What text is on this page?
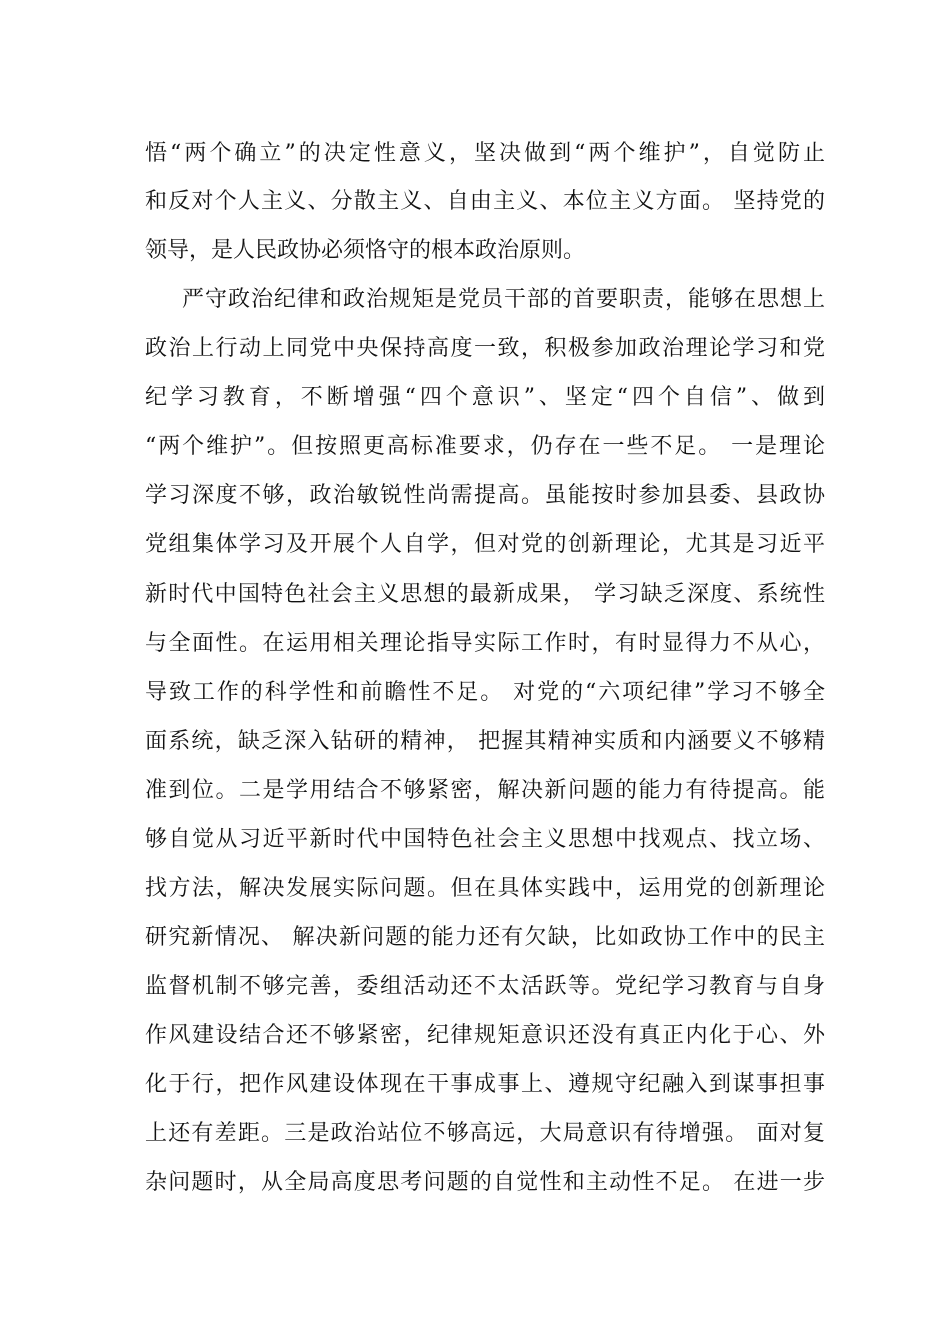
悟“两个确立”的决定性意义，坚决做到“两个维护”，自觉防止
和反对个人主义、分散主义、自由主义、本位主义方面。 坚持党的
领导，是人民政协必须恪守的根本政治原则。
严守政治纪律和政治规矩是党员干部的首要职责，能够在思想上
政治上行动上同党中央保持高度一致，积极参加政治理论学习和党
纪学习教育，不断增强“四个意识”、坚定“四个自信”、做到
“两个维护”。但按照更高标准要求，仍存在一些不足。 一是理论
学习深度不够，政治敏锐性尚需提高。虽能按时参加县委、县政协
党组集体学习及开展个人自学，但对党的创新理论，尤其是习近平
新时代中国特色社会主义思想的最新成果， 学习缺乏深度、系统性
与全面性。在运用相关理论指导实际工作时，有时显得力不从心，
导致工作的科学性和前瞻性不足。 对党的“六项纪律”学习不够全
面系统，缺乏深入钻研的精神， 把握其精神实质和内涵要义不够精
准到位。二是学用结合不够紧密，解决新问题的能力有待提高。能
够自觉从习近平新时代中国特色社会主义思想中找观点、找立场、
找方法，解决发展实际问题。但在具体实践中，运用党的创新理论
研究新情况、 解决新问题的能力还有欠缺，比如政协工作中的民主
监督机制不够完善，委组活动还不太活跃等。党纪学习教育与自身
作风建设结合还不够紧密，纪律规矩意识还没有真正内化于心、外
化于行，把作风建设体现在干事成事上、遵规守纪融入到谋事担事
上还有差距。三是政治站位不够高远，大局意识有待增强。 面对复
杂问题时，从全局高度思考问题的自觉性和主动性不足。 在进一步
